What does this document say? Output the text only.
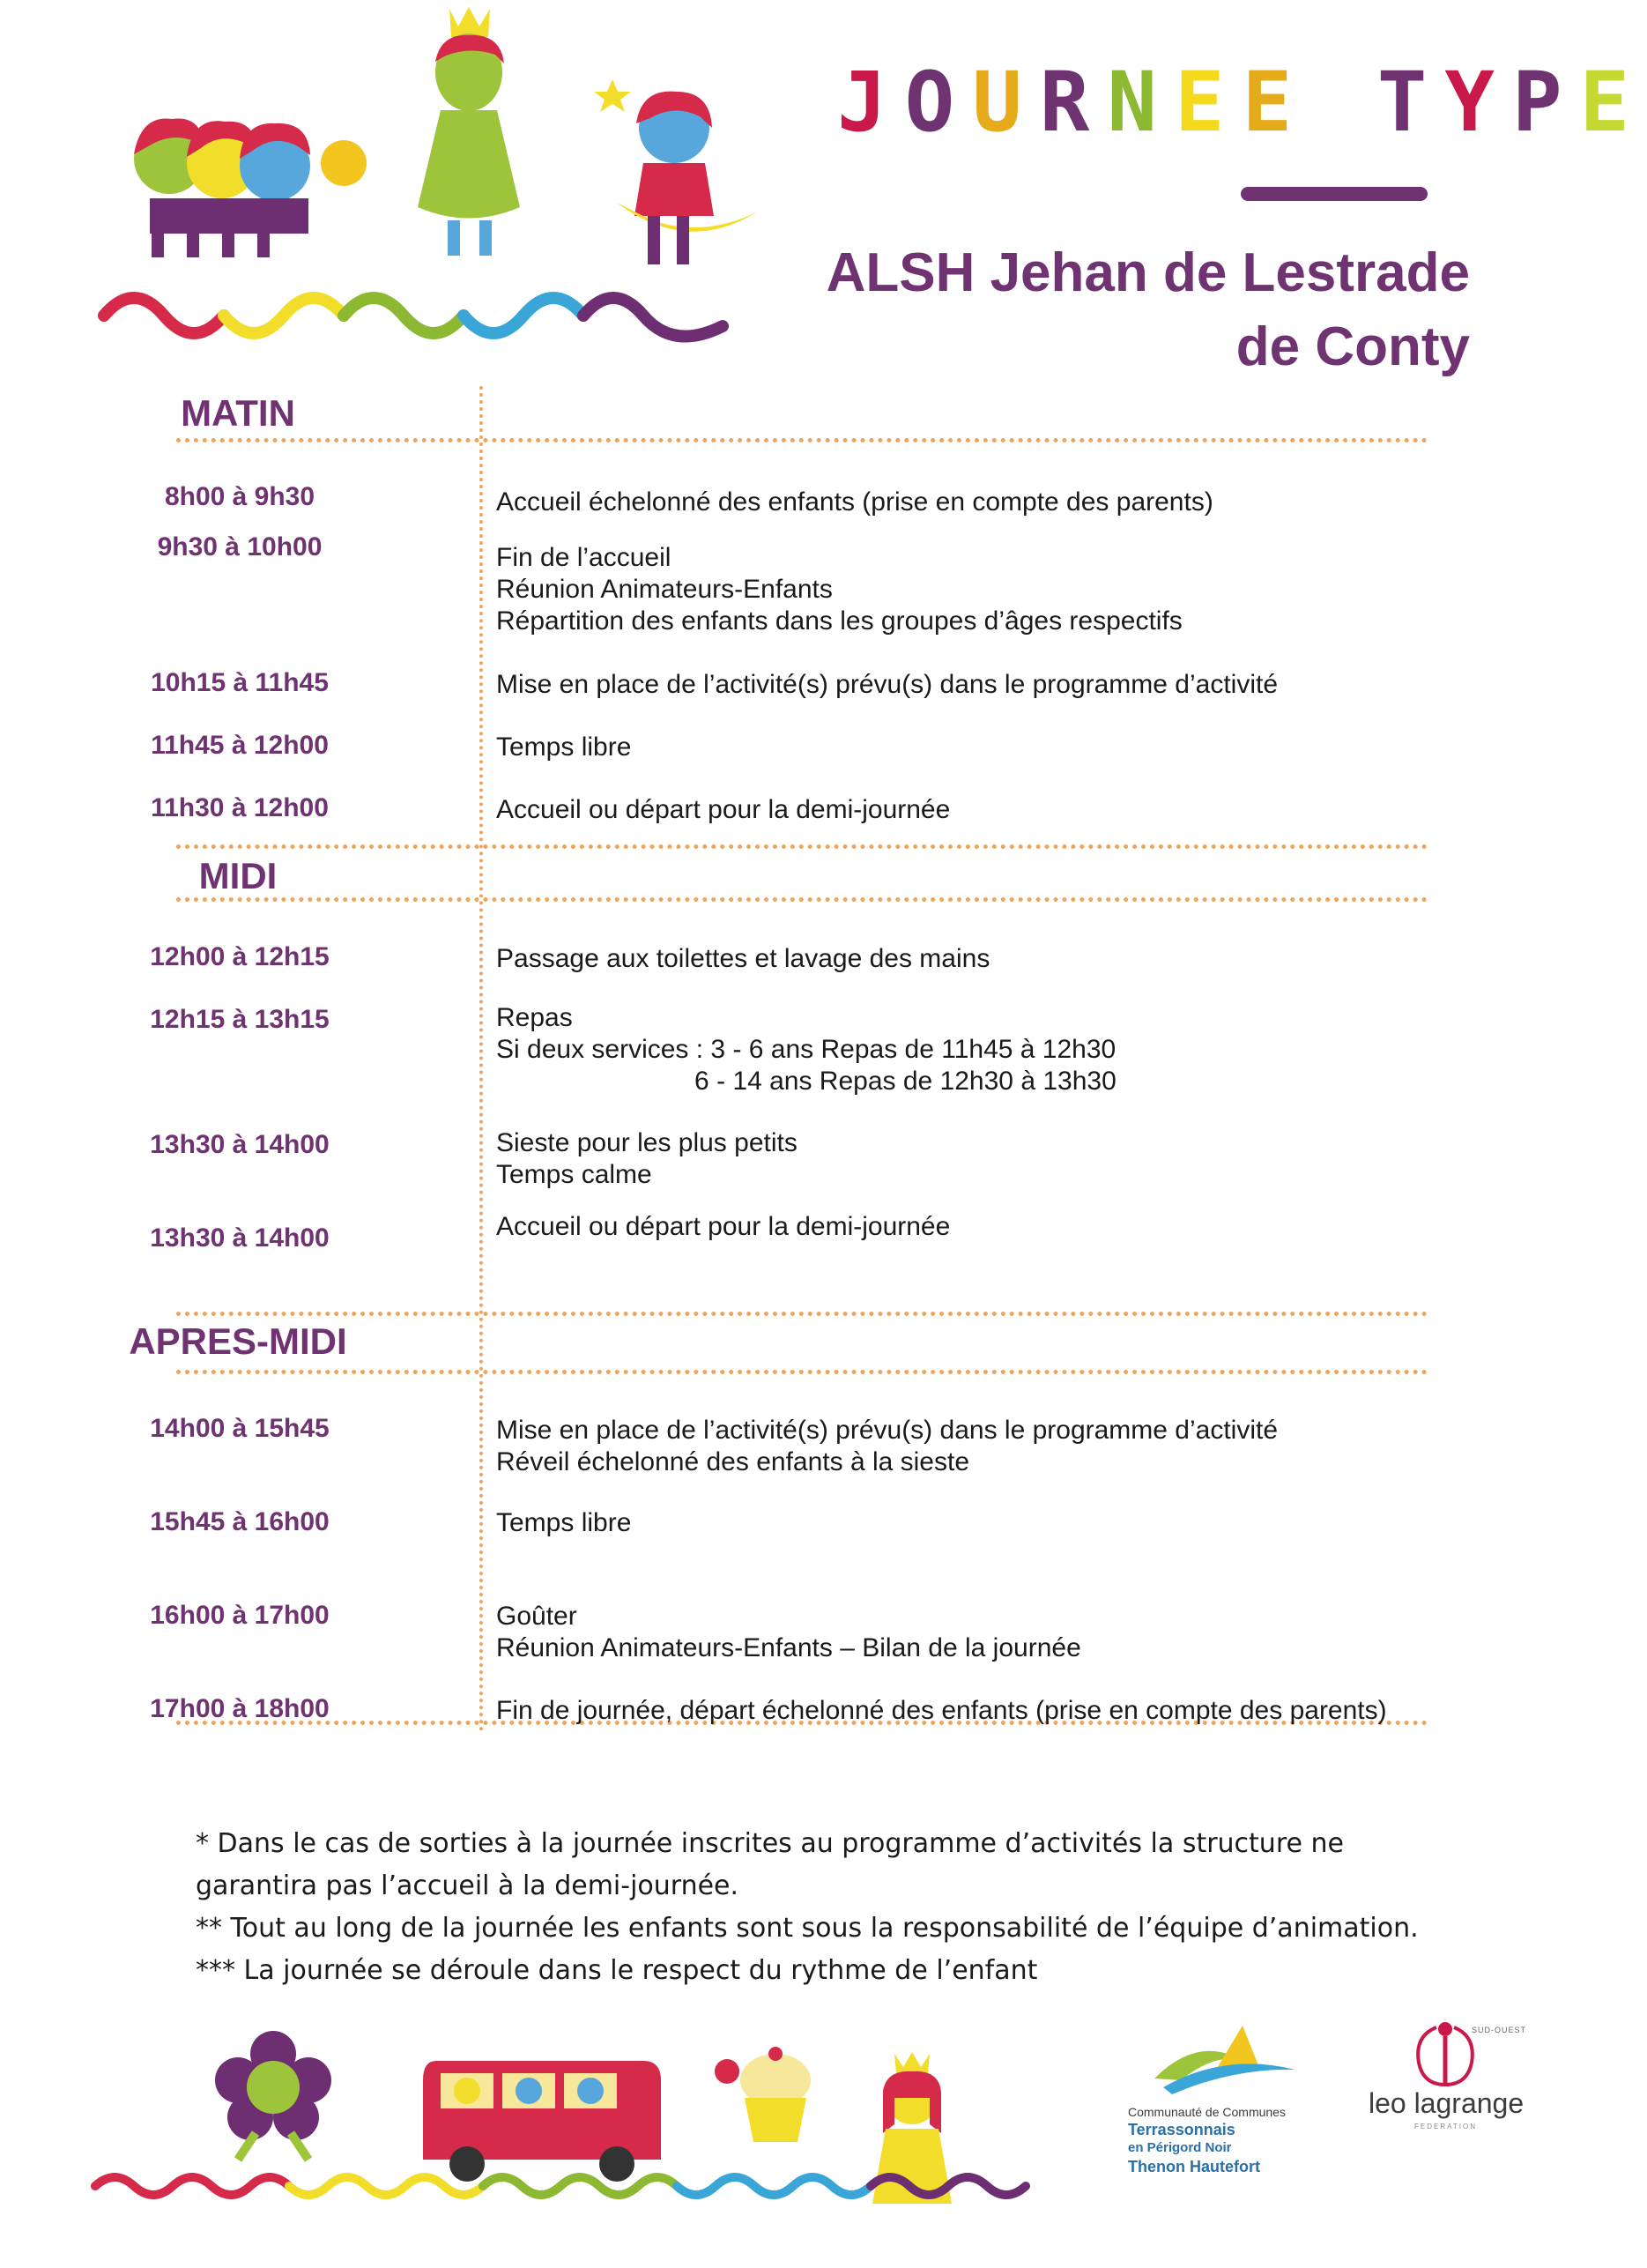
JOURNEE TYPE
ALSH Jehan de Lestrade
de Conty
MATIN
8h00 à 9h30	Accueil échelonné des enfants (prise en compte des parents)
9h30 à 10h00	Fin de l’accueil
Réunion Animateurs-Enfants
Répartition des enfants dans les groupes d’âges respectifs
10h15 à 11h45	Mise en place de l’activité(s) prévu(s) dans le programme d’activité
11h45 à 12h00	Temps libre
11h30 à 12h00	Accueil ou départ pour la demi-journée
MIDI
12h00 à 12h15	Passage aux toilettes et lavage des mains
12h15 à 13h15	Repas
Si deux services : 3 - 6 ans Repas de 11h45 à 12h30
6 - 14 ans Repas de 12h30 à 13h30
13h30 à 14h00	Sieste pour les plus petits
Temps calme
13h30 à 14h00	Accueil ou départ pour la demi-journée
APRES-MIDI
14h00 à 15h45	Mise en place de l’activité(s) prévu(s) dans le programme d’activité
Réveil échelonné des enfants à la sieste
15h45 à 16h00	Temps libre
16h00 à 17h00	Goûter
Réunion Animateurs-Enfants – Bilan de la journée
17h00 à 18h00	Fin de journée, départ échelonné des enfants (prise en compte des parents)

* Dans le cas de sorties à la journée inscrites au programme d’activités la structure ne garantira pas l’accueil à la demi-journée.

** Tout au long de la journée les enfants sont sous la responsabilité de l’équipe d’animation.

*** La journée se déroule dans le respect du rythme de l’enfant

Communauté de Communes
Terrassonnais
en Périgord Noir
Thenon Hautefort
SUD-OUEST
leo lagrange
FEDERATION
